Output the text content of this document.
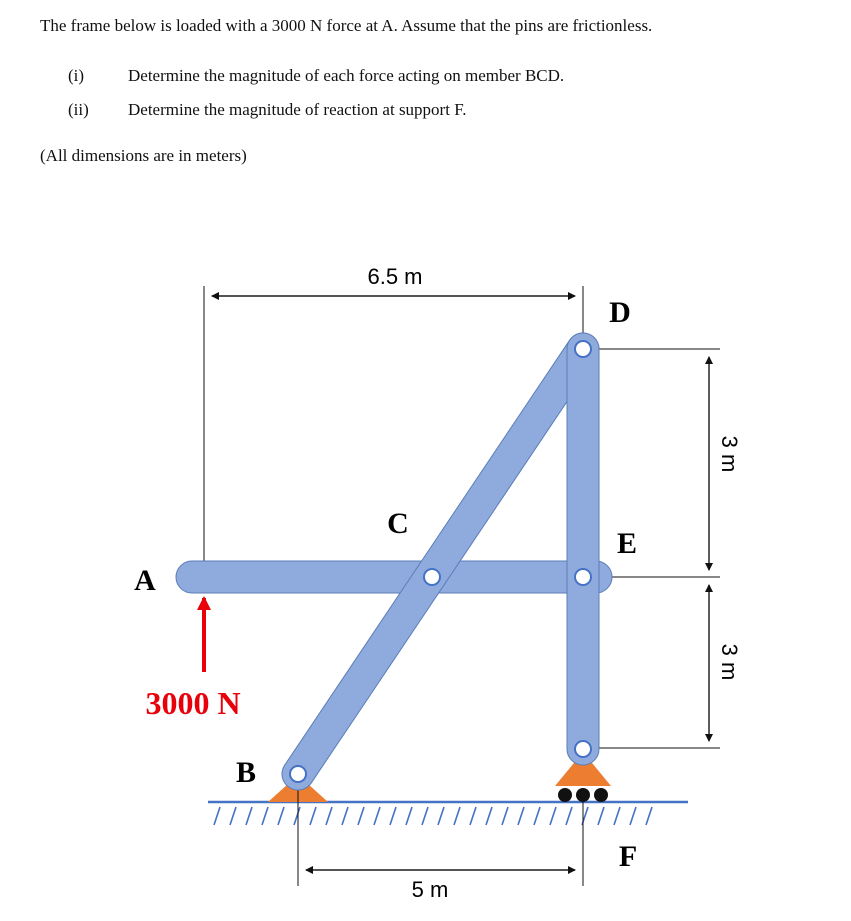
The frame below is loaded with a 3000 N force at A. Assume that the pins are frictionless.

(i)	Determine the magnitude of each force acting on member BCD.
(ii) Determine the magnitude of reaction at support F.
(All dimensions are in meters)
A
B
C
D
E
F
3000 N
6.5 m
5 m
3 m
3 m
